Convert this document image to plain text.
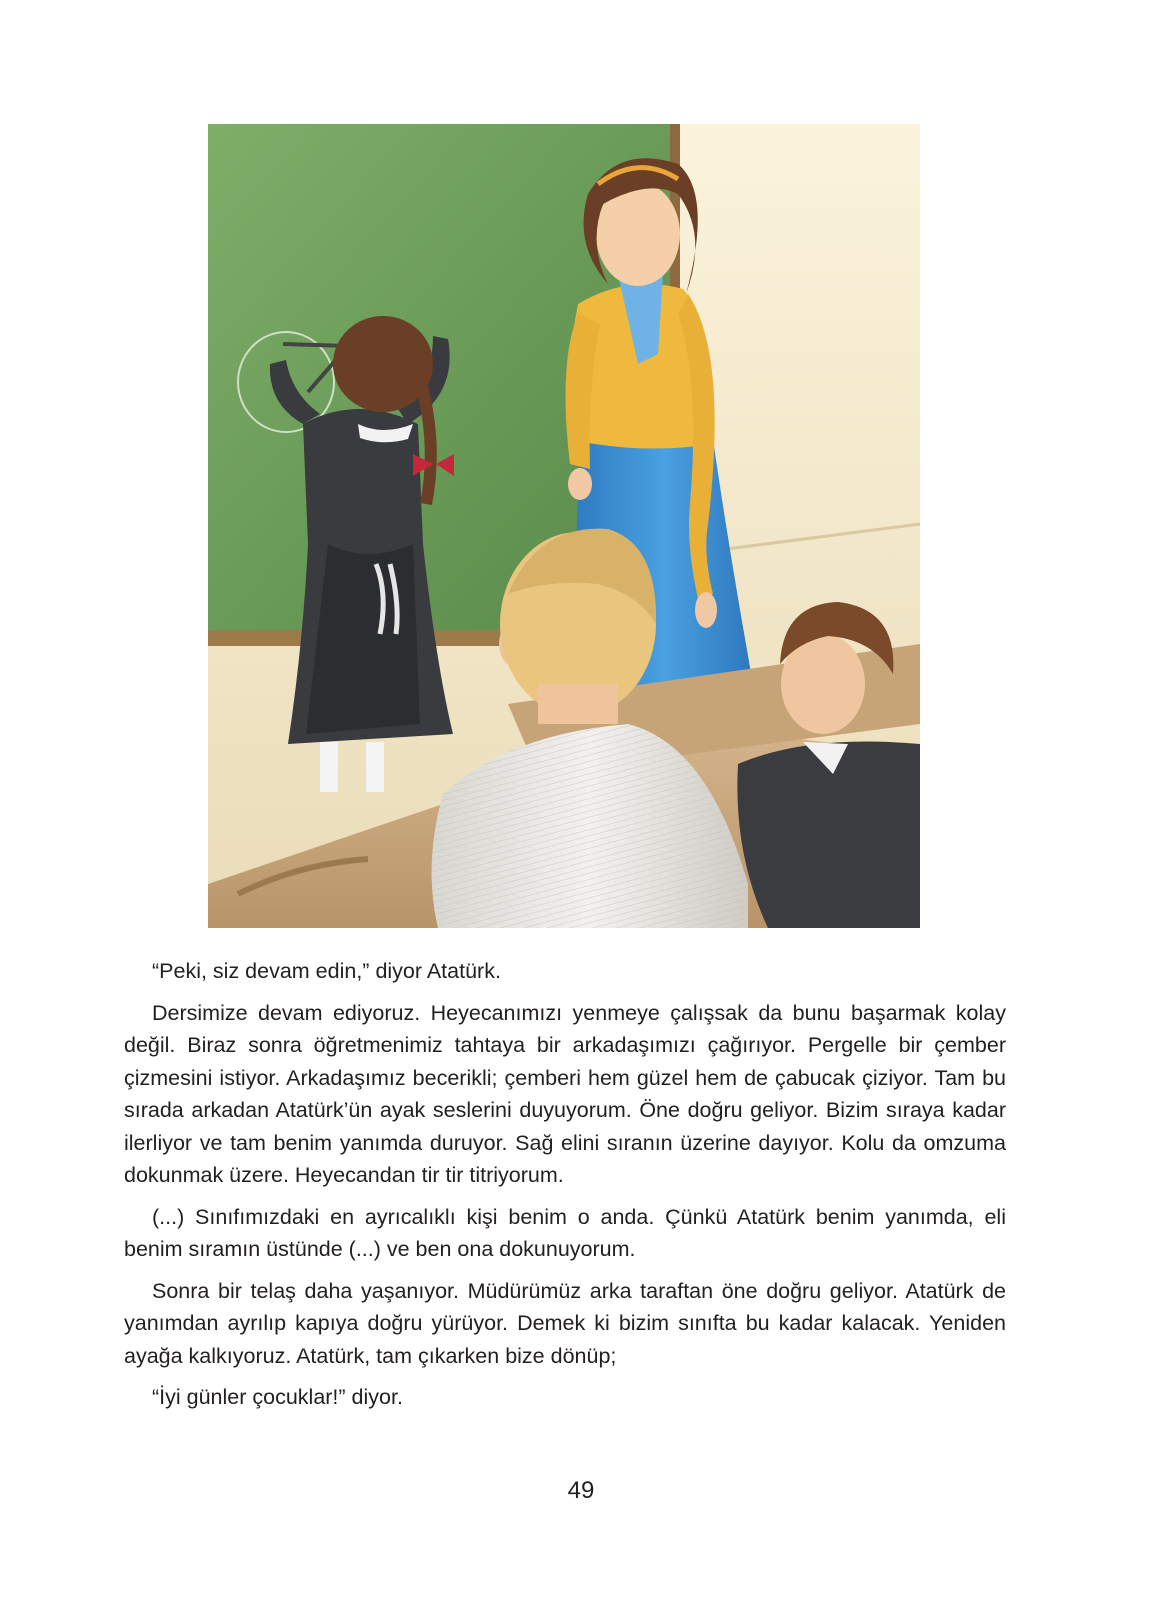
“Peki, siz devam edin,” diyor Atatürk.

Dersimize devam ediyoruz. Heyecanımızı yenmeye çalışsak da bunu başarmak kolay değil. Biraz sonra öğretmenimiz tahtaya bir arkadaşımızı çağırıyor. Pergelle bir çember çizmesini istiyor. Arkadaşımız becerikli; çemberi hem güzel hem de çabucak çiziyor. Tam bu sırada arkadan Atatürk’ün ayak seslerini duyuyorum. Öne doğru geliyor. Bizim sıraya kadar ilerliyor ve tam benim yanımda duruyor. Sağ elini sıranın üzerine dayıyor. Kolu da omzuma dokunmak üzere. Heyecandan tir tir titriyorum.

(...) Sınıfımızdaki en ayrıcalıklı kişi benim o anda. Çünkü Atatürk benim yanımda, eli benim sıramın üstünde (...) ve ben ona dokunuyorum.

Sonra bir telaş daha yaşanıyor. Müdürümüz arka taraftan öne doğru geliyor. Atatürk de yanımdan ayrılıp kapıya doğru yürüyor. Demek ki bizim sınıfta bu kadar kalacak. Yeniden ayağa kalkıyoruz. Atatürk, tam çıkarken bize dönüp;

“İyi günler çocuklar!” diyor.

49
